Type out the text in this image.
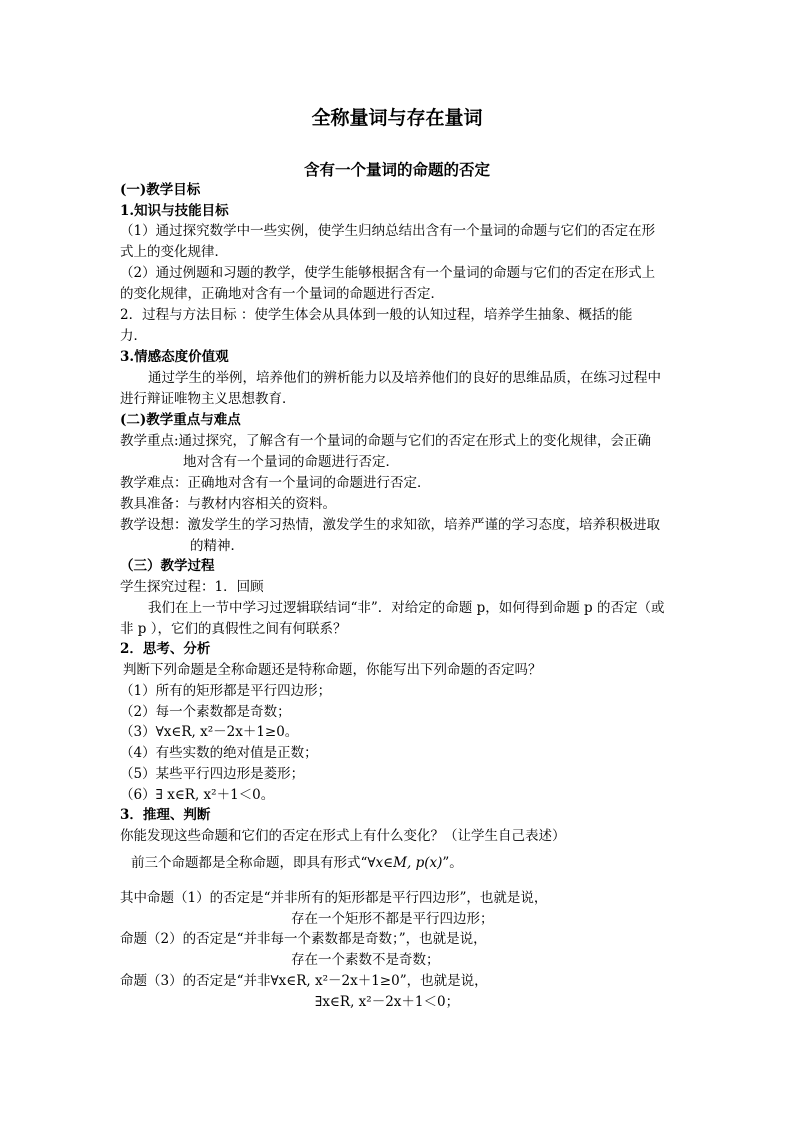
全称量词与存在量词
含有一个量词的命题的否定
(一)教学目标
1.知识与技能目标
（1）通过探究数学中一些实例，使学生归纳总结出含有一个量词的命题与它们的否定在形
式上的变化规律．
（2）通过例题和习题的教学，使学生能够根据含有一个量词的命题与它们的否定在形式上
的变化规律，正确地对含有一个量词的命题进行否定．
2．过程与方法目标 ：使学生体会从具体到一般的认知过程，培养学生抽象、概括的能
力．
3.情感态度价值观
通过学生的举例，培养他们的辨析能力以及培养他们的良好的思维品质，在练习过程中
进行辩证唯物主义思想教育．
(二)教学重点与难点
教学重点:通过探究，了解含有一个量词的命题与它们的否定在形式上的变化规律，会正确
地对含有一个量词的命题进行否定．
教学难点：正确地对含有一个量词的命题进行否定．
教具准备：与教材内容相关的资料。
教学设想：激发学生的学习热情，激发学生的求知欲，培养严谨的学习态度，培养积极进取
的精神．
（三）教学过程
学生探究过程：1．回顾
我们在上一节中学习过逻辑联结词“非”．对给定的命题 p，如何得到命题 p 的否定（或
非 p ），它们的真假性之间有何联系？
2．思考、分析
判断下列命题是全称命题还是特称命题，你能写出下列命题的否定吗？
（1）所有的矩形都是平行四边形；
（2）每一个素数都是奇数；
（3）∀x∈R, x²－2x＋1≥0。
（4）有些实数的绝对值是正数；
（5）某些平行四边形是菱形；
（6）∃ x∈R, x²＋1＜0。
3．推理、判断
你能发现这些命题和它们的否定在形式上有什么变化？（让学生自己表述）
前三个命题都是全称命题，即具有形式“∀x∈M, p(x)”。
其中命题（1）的否定是“并非所有的矩形都是平行四边形”，也就是说，
存在一个矩形不都是平行四边形；
命题（2）的否定是“并非每一个素数都是奇数；”，也就是说，
存在一个素数不是奇数；
命题（3）的否定是“并非∀x∈R, x²－2x＋1≥0”，也就是说，
∃x∈R, x²－2x＋1＜0；
